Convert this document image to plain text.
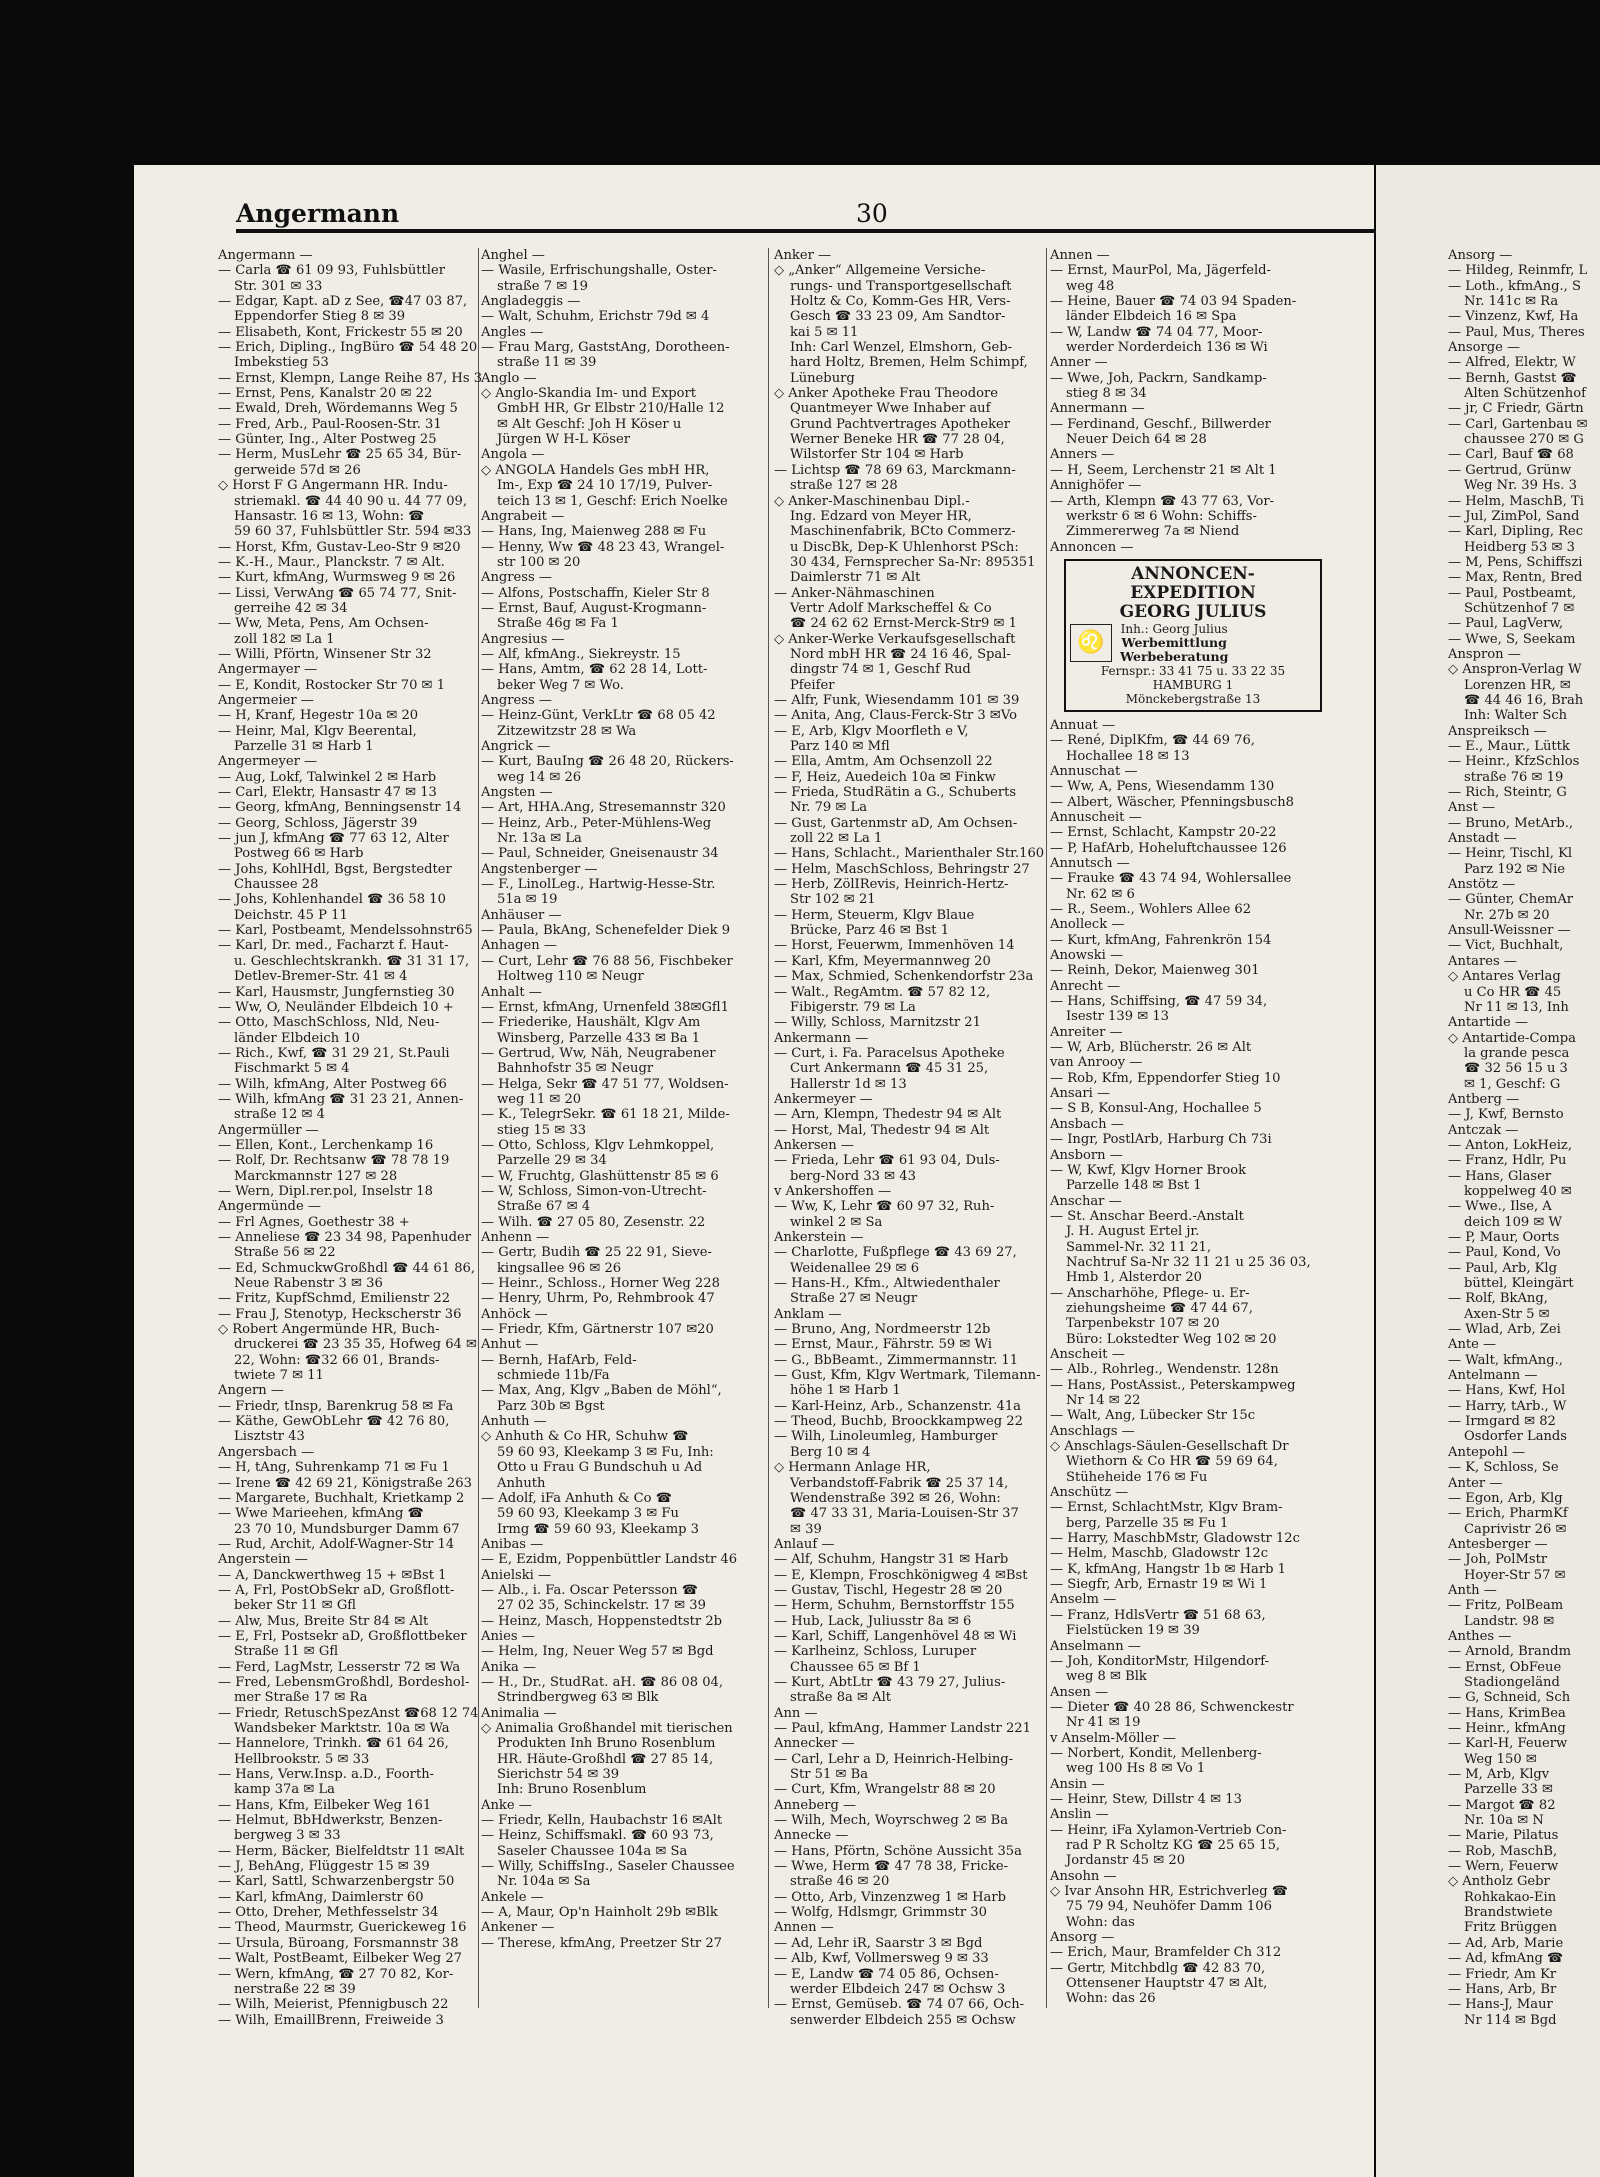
Angermann	30
Angermann —
— Carla ☎ 61 09 93, Fuhlsbüttler
Str. 301 ✉ 33
— Edgar, Kapt. aD z See, ☎47 03 87,
Eppendorfer Stieg 8 ✉ 39
— Elisabeth, Kont, Frickestr 55 ✉ 20
— Erich, Dipling., IngBüro ☎ 54 48 20
Imbekstieg 53
— Ernst, Klempn, Lange Reihe 87, Hs 3
— Ernst, Pens, Kanalstr 20 ✉ 22
— Ewald, Dreh, Wördemanns Weg 5
— Fred, Arb., Paul-Roosen-Str. 31
— Günter, Ing., Alter Postweg 25
— Herm, MusLehr ☎ 25 65 34, Bür-
gerweide 57d ✉ 26
◇ Horst F G Angermann HR. Indu-
striemakl. ☎ 44 40 90 u. 44 77 09,
Hansastr. 16 ✉ 13, Wohn: ☎
59 60 37, Fuhlsbüttler Str. 594 ✉33
— Horst, Kfm, Gustav-Leo-Str 9 ✉20
— K.-H., Maur., Planckstr. 7 ✉ Alt.
— Kurt, kfmAng, Wurmsweg 9 ✉ 26
— Lissi, VerwAng ☎ 65 74 77, Snit-
gerreihe 42 ✉ 34
— Ww, Meta, Pens, Am Ochsen-
zoll 182 ✉ La 1
— Willi, Pförtn, Winsener Str 32
Angermayer —
— E, Kondit, Rostocker Str 70 ✉ 1
Angermeier —
— H, Kranf, Hegestr 10a ✉ 20
— Heinr, Mal, Klgv Beerental,
Parzelle 31 ✉ Harb 1
Angermeyer —
— Aug, Lokf, Talwinkel 2 ✉ Harb
— Carl, Elektr, Hansastr 47 ✉ 13
— Georg, kfmAng, Benningsenstr 14
— Georg, Schloss, Jägerstr 39
— jun J, kfmAng ☎ 77 63 12, Alter
Postweg 66 ✉ Harb
— Johs, KohlHdl, Bgst, Bergstedter
Chaussee 28
— Johs, Kohlenhandel ☎ 36 58 10
Deichstr. 45 P 11
— Karl, Postbeamt, Mendelssohnstr65
— Karl, Dr. med., Facharzt f. Haut-
u. Geschlechtskrankh. ☎ 31 31 17,
Detlev-Bremer-Str. 41 ✉ 4
— Karl, Hausmstr, Jungfernstieg 30
— Ww, O, Neuländer Elbdeich 10 +
— Otto, MaschSchloss, Nld, Neu-
länder Elbdeich 10
— Rich., Kwf, ☎ 31 29 21, St.Pauli
Fischmarkt 5 ✉ 4
— Wilh, kfmAng, Alter Postweg 66
— Wilh, kfmAng ☎ 31 23 21, Annen-
straße 12 ✉ 4
Angermüller —
— Ellen, Kont., Lerchenkamp 16
— Rolf, Dr. Rechtsanw ☎ 78 78 19
Marckmannstr 127 ✉ 28
— Wern, Dipl.rer.pol, Inselstr 18
Angermünde —
— Frl Agnes, Goethestr 38 +
— Anneliese ☎ 23 34 98, Papenhuder
Straße 56 ✉ 22
— Ed, SchmuckwGroßhdl ☎ 44 61 86,
Neue Rabenstr 3 ✉ 36
— Fritz, KupfSchmd, Emilienstr 22
— Frau J, Stenotyp, Heckscherstr 36
◇ Robert Angermünde HR, Buch-
druckerei ☎ 23 35 35, Hofweg 64 ✉
22, Wohn: ☎32 66 01, Brands-
twiete 7 ✉ 11
Angern —
— Friedr, tInsp, Barenkrug 58 ✉ Fa
— Käthe, GewObLehr ☎ 42 76 80,
Lisztstr 43
Angersbach —
— H, tAng, Suhrenkamp 71 ✉ Fu 1
— Irene ☎ 42 69 21, Königstraße 263
— Margarete, Buchhalt, Krietkamp 2
— Wwe Marieehen, kfmAng ☎
23 70 10, Mundsburger Damm 67
— Rud, Archit, Adolf-Wagner-Str 14
Angerstein —
— A, Danckwerthweg 15 + ✉Bst 1
— A, Frl, PostObSekr aD, Großflott-
beker Str 11 ✉ Gfl
— Alw, Mus, Breite Str 84 ✉ Alt
— E, Frl, Postsekr aD, Großflottbeker
Straße 11 ✉ Gfl
— Ferd, LagMstr, Lesserstr 72 ✉ Wa
— Fred, LebensmGroßhdl, Bordeshol-
mer Straße 17 ✉ Ra
— Friedr, RetuschSpezAnst ☎68 12 74
Wandsbeker Marktstr. 10a ✉ Wa
— Hannelore, Trinkh. ☎ 61 64 26,
Hellbrookstr. 5 ✉ 33
— Hans, Verw.Insp. a.D., Foorth-
kamp 37a ✉ La
— Hans, Kfm, Eilbeker Weg 161
— Helmut, BbHdwerkstr, Benzen-
bergweg 3 ✉ 33
— Herm, Bäcker, Bielfeldtstr 11 ✉Alt
— J, BehAng, Flüggestr 15 ✉ 39
— Karl, Sattl, Schwarzenbergstr 50
— Karl, kfmAng, Daimlerstr 60
— Otto, Dreher, Methfesselstr 34
— Theod, Maurmstr, Guerickeweg 16
— Ursula, Büroang, Forsmannstr 38
— Walt, PostBeamt, Eilbeker Weg 27
— Wern, kfmAng, ☎ 27 70 82, Kor-
nerstraße 22 ✉ 39
— Wilh, Meierist, Pfennigbusch 22
— Wilh, EmaillBrenn, Freiweide 3
Anghel —
— Wasile, Erfrischungshalle, Oster-
straße 7 ✉ 19
Angladeggis —
— Walt, Schuhm, Erichstr 79d ✉ 4
Angles —
— Frau Marg, GaststAng, Dorotheen-
straße 11 ✉ 39
Anglo —
◇ Anglo-Skandia Im- und Export
GmbH HR, Gr Elbstr 210/Halle 12
✉ Alt Geschf: Joh H Köser u
Jürgen W H-L Köser
Angola —
◇ ANGOLA Handels Ges mbH HR,
Im-, Exp ☎ 24 10 17/19, Pulver-
teich 13 ✉ 1, Geschf: Erich Noelke
Angrabeit —
— Hans, Ing, Maienweg 288 ✉ Fu
— Henny, Ww ☎ 48 23 43, Wrangel-
str 100 ✉ 20
Angress —
— Alfons, Postschaffn, Kieler Str 8
— Ernst, Bauf, August-Krogmann-
Straße 46g ✉ Fa 1
Angresius —
— Alf, kfmAng., Siekreystr. 15
— Hans, Amtm, ☎ 62 28 14, Lott-
beker Weg 7 ✉ Wo.
Angress —
— Heinz-Günt, VerkLtr ☎ 68 05 42
Zitzewitzstr 28 ✉ Wa
Angrick —
— Kurt, BauIng ☎ 26 48 20, Rückers-
weg 14 ✉ 26
Angsten —
— Art, HHA.Ang, Stresemannstr 320
— Heinz, Arb., Peter-Mühlens-Weg
Nr. 13a ✉ La
— Paul, Schneider, Gneisenaustr 34
Angstenberger —
— F., LinolLeg., Hartwig-Hesse-Str.
51a ✉ 19
Anhäuser —
— Paula, BkAng, Schenefelder Diek 9
Anhagen —
— Curt, Lehr ☎ 76 88 56, Fischbeker
Holtweg 110 ✉ Neugr
Anhalt —
— Ernst, kfmAng, Urnenfeld 38✉Gfl1
— Friederike, Haushält, Klgv Am
Winsberg, Parzelle 433 ✉ Ba 1
— Gertrud, Ww, Näh, Neugrabener
Bahnhofstr 35 ✉ Neugr
— Helga, Sekr ☎ 47 51 77, Woldsen-
weg 11 ✉ 20
— K., TelegrSekr. ☎ 61 18 21, Milde-
stieg 15 ✉ 33
— Otto, Schloss, Klgv Lehmkoppel,
Parzelle 29 ✉ 34
— W, Fruchtg, Glashüttenstr 85 ✉ 6
— W, Schloss, Simon-von-Utrecht-
Straße 67 ✉ 4
— Wilh. ☎ 27 05 80, Zesenstr. 22
Anhenn —
— Gertr, Budih ☎ 25 22 91, Sieve-
kingsallee 96 ✉ 26
— Heinr., Schloss., Horner Weg 228
— Henry, Uhrm, Po, Rehmbrook 47
Anhöck —
— Friedr, Kfm, Gärtnerstr 107 ✉20
Anhut —
— Bernh, HafArb, Feld-
schmiede 11b/Fa
— Max, Ang, Klgv „Baben de Möhl“,
Parz 30b ✉ Bgst
Anhuth —
◇ Anhuth & Co HR, Schuhw ☎
59 60 93, Kleekamp 3 ✉ Fu, Inh:
Otto u Frau G Bundschuh u Ad
Anhuth
— Adolf, iFa Anhuth & Co ☎
59 60 93, Kleekamp 3 ✉ Fu
Irmg ☎ 59 60 93, Kleekamp 3
Anibas —
— E, Ezidm, Poppenbüttler Landstr 46
Anielski —
— Alb., i. Fa. Oscar Petersson ☎
27 02 35, Schinckelstr. 17 ✉ 39
— Heinz, Masch, Hoppenstedtstr 2b
Anies —
— Helm, Ing, Neuer Weg 57 ✉ Bgd
Anika —
— H., Dr., StudRat. aH. ☎ 86 08 04,
Strindbergweg 63 ✉ Blk
Animalia —
◇ Animalia Großhandel mit tierischen
Produkten Inh Bruno Rosenblum
HR. Häute-Großhdl ☎ 27 85 14,
Sierichstr 54 ✉ 39
Inh: Bruno Rosenblum
Anke —
— Friedr, Kelln, Haubachstr 16 ✉Alt
— Heinz, Schiffsmakl. ☎ 60 93 73,
Saseler Chaussee 104a ✉ Sa
— Willy, SchiffsIng., Saseler Chaussee
Nr. 104a ✉ Sa
Ankele —
— A, Maur, Op'n Hainholt 29b ✉Blk
Ankener —
— Therese, kfmAng, Preetzer Str 27
Anker —
◇ „Anker“ Allgemeine Versiche-
rungs- und Transportgesellschaft
Holtz & Co, Komm-Ges HR, Vers-
Gesch ☎ 33 23 09, Am Sandtor-
kai 5 ✉ 11
Inh: Carl Wenzel, Elmshorn, Geb-
hard Holtz, Bremen, Helm Schimpf,
Lüneburg
◇ Anker Apotheke Frau Theodore
Quantmeyer Wwe Inhaber auf
Grund Pachtvertrages Apotheker
Werner Beneke HR ☎ 77 28 04,
Wilstorfer Str 104 ✉ Harb
— Lichtsp ☎ 78 69 63, Marckmann-
straße 127 ✉ 28
◇ Anker-Maschinenbau Dipl.-
Ing. Edzard von Meyer HR,
Maschinenfabrik, BCto Commerz-
u DiscBk, Dep-K Uhlenhorst PSch:
30 434, Fernsprecher Sa-Nr: 895351
Daimlerstr 71 ✉ Alt
— Anker-Nähmaschinen
Vertr Adolf Markscheffel & Co
☎ 24 62 62 Ernst-Merck-Str9 ✉ 1
◇ Anker-Werke Verkaufsgesellschaft
Nord mbH HR ☎ 24 16 46, Spal-
dingstr 74 ✉ 1, Geschf Rud
Pfeifer
— Alfr, Funk, Wiesendamm 101 ✉ 39
— Anita, Ang, Claus-Ferck-Str 3 ✉Vo
— E, Arb, Klgv Moorfleth e V,
Parz 140 ✉ Mfl
— Ella, Amtm, Am Ochsenzoll 22
— F, Heiz, Auedeich 10a ✉ Finkw
— Frieda, StudRätin a G., Schuberts
Nr. 79 ✉ La
— Gust, Gartenmstr aD, Am Ochsen-
zoll 22 ✉ La 1
— Hans, Schlacht., Marienthaler Str.160
— Helm, MaschSchloss, Behringstr 27
— Herb, ZölIRevis, Heinrich-Hertz-
Str 102 ✉ 21
— Herm, Steuerm, Klgv Blaue
Brücke, Parz 46 ✉ Bst 1
— Horst, Feuerwm, Immenhöven 14
— Karl, Kfm, Meyermannweg 20
— Max, Schmied, Schenkendorfstr 23a
— Walt., RegAmtm. ☎ 57 82 12,
Fibigerstr. 79 ✉ La
— Willy, Schloss, Marnitzstr 21
Ankermann —
— Curt, i. Fa. Paracelsus Apotheke
Curt Ankermann ☎ 45 31 25,
Hallerstr 1d ✉ 13
Ankermeyer —
— Arn, Klempn, Thedestr 94 ✉ Alt
— Horst, Mal, Thedestr 94 ✉ Alt
Ankersen —
— Frieda, Lehr ☎ 61 93 04, Duls-
berg-Nord 33 ✉ 43
v Ankershoffen —
— Ww, K, Lehr ☎ 60 97 32, Ruh-
winkel 2 ✉ Sa
Ankerstein —
— Charlotte, Fußpflege ☎ 43 69 27,
Weidenallee 29 ✉ 6
— Hans-H., Kfm., Altwiedenthaler
Straße 27 ✉ Neugr
Anklam —
— Bruno, Ang, Nordmeerstr 12b
— Ernst, Maur., Fährstr. 59 ✉ Wi
— G., BbBeamt., Zimmermannstr. 11
— Gust, Kfm, Klgv Wertmark, Tilemann-
höhe 1 ✉ Harb 1
— Karl-Heinz, Arb., Schanzenstr. 41a
— Theod, Buchb, Broockkampweg 22
— Wilh, Linoleumleg, Hamburger
Berg 10 ✉ 4
◇ Hermann Anlage HR,
Verbandstoff-Fabrik ☎ 25 37 14,
Wendenstraße 392 ✉ 26, Wohn:
☎ 47 33 31, Maria-Louisen-Str 37
✉ 39
Anlauf —
— Alf, Schuhm, Hangstr 31 ✉ Harb
— E, Klempn, Froschkönigweg 4 ✉Bst
— Gustav, Tischl, Hegestr 28 ✉ 20
— Herm, Schuhm, Bernstorffstr 155
— Hub, Lack, Juliusstr 8a ✉ 6
— Karl, Schiff, Langenhövel 48 ✉ Wi
— Karlheinz, Schloss, Luruper
Chaussee 65 ✉ Bf 1
— Kurt, AbtLtr ☎ 43 79 27, Julius-
straße 8a ✉ Alt
Ann —
— Paul, kfmAng, Hammer Landstr 221
Annecker —
— Carl, Lehr a D, Heinrich-Helbing-
Str 51 ✉ Ba
— Curt, Kfm, Wrangelstr 88 ✉ 20
Anneberg —
— Wilh, Mech, Woyrschweg 2 ✉ Ba
Annecke —
— Hans, Pförtn, Schöne Aussicht 35a
— Wwe, Herm ☎ 47 78 38, Fricke-
straße 46 ✉ 20
— Otto, Arb, Vinzenzweg 1 ✉ Harb
— Wolfg, Hdlsmgr, Grimmstr 30
Annen —
— Ad, Lehr iR, Saarstr 3 ✉ Bgd
— Alb, Kwf, Vollmersweg 9 ✉ 33
— E, Landw ☎ 74 05 86, Ochsen-
werder Elbdeich 247 ✉ Ochsw 3
— Ernst, Gemüseb. ☎ 74 07 66, Och-
senwerder Elbdeich 255 ✉ Ochsw
Annen —
— Ernst, MaurPol, Ma, Jägerfeld-
weg 48
— Heine, Bauer ☎ 74 03 94 Spaden-
länder Elbdeich 16 ✉ Spa
— W, Landw ☎ 74 04 77, Moor-
werder Norderdeich 136 ✉ Wi
Anner —
— Wwe, Joh, Packrn, Sandkamp-
stieg 8 ✉ 34
Annermann —
— Ferdinand, Geschf., Billwerder
Neuer Deich 64 ✉ 28
Anners —
— H, Seem, Lerchenstr 21 ✉ Alt 1
Annighöfer —
— Arth, Klempn ☎ 43 77 63, Vor-
werkstr 6 ✉ 6 Wohn: Schiffs-
Zimmererweg 7a ✉ Niend
Annoncen —
ANNONCEN-EXPEDITION
GEORG JULIUS
♌
Inh.: Georg Julius
Werbemittlung
Werbeberatung
Fernspr.: 33 41 75 u. 33 22 35
HAMBURG 1
Mönckebergstraße 13
Annuat —
— René, DiplKfm, ☎ 44 69 76,
Hochallee 18 ✉ 13
Annuschat —
— Ww, A, Pens, Wiesendamm 130
— Albert, Wäscher, Pfenningsbusch8
Annuscheit —
— Ernst, Schlacht, Kampstr 20-22
— P, HafArb, Hoheluftchaussee 126
Annutsch —
— Frauke ☎ 43 74 94, Wohlersallee
Nr. 62 ✉ 6
— R., Seem., Wohlers Allee 62
Anolleck —
— Kurt, kfmAng, Fahrenkrön 154
Anowski —
— Reinh, Dekor, Maienweg 301
Anrecht —
— Hans, Schiffsing, ☎ 47 59 34,
Isestr 139 ✉ 13
Anreiter —
— W, Arb, Blücherstr. 26 ✉ Alt
van Anrooy —
— Rob, Kfm, Eppendorfer Stieg 10
Ansari —
— S B, Konsul-Ang, Hochallee 5
Ansbach —
— Ingr, PostlArb, Harburg Ch 73i
Ansborn —
— W, Kwf, Klgv Horner Brook
Parzelle 148 ✉ Bst 1
Anschar —
— St. Anschar Beerd.-Anstalt
J. H. August Ertel jr.
Sammel-Nr. 32 11 21,
Nachtruf Sa-Nr 32 11 21 u 25 36 03,
Hmb 1, Alsterdor 20
— Anscharhöhe, Pflege- u. Er-
ziehungsheime ☎ 47 44 67,
Tarpenbekstr 107 ✉ 20
Büro: Lokstedter Weg 102 ✉ 20
Anscheit —
— Alb., Rohrleg., Wendenstr. 128n
— Hans, PostAssist., Peterskampweg
Nr 14 ✉ 22
— Walt, Ang, Lübecker Str 15c
Anschlags —
◇ Anschlags-Säulen-Gesellschaft Dr
Wiethorn & Co HR ☎ 59 69 64,
Stüheheide 176 ✉ Fu
Anschütz —
— Ernst, SchlachtMstr, Klgv Bram-
berg, Parzelle 35 ✉ Fu 1
— Harry, MaschbMstr, Gladowstr 12c
— Helm, Maschb, Gladowstr 12c
— K, kfmAng, Hangstr 1b ✉ Harb 1
— Siegfr, Arb, Ernastr 19 ✉ Wi 1
Anselm —
— Franz, HdlsVertr ☎ 51 68 63,
Fielstücken 19 ✉ 39
Anselmann —
— Joh, KonditorMstr, Hilgendorf-
weg 8 ✉ Blk
Ansen —
— Dieter ☎ 40 28 86, Schwenckestr
Nr 41 ✉ 19
v Anselm-Möller —
— Norbert, Kondit, Mellenberg-
weg 100 Hs 8 ✉ Vo 1
Ansin —
— Heinr, Stew, Dillstr 4 ✉ 13
Anslin —
— Heinr, iFa Xylamon-Vertrieb Con-
rad P R Scholtz KG ☎ 25 65 15,
Jordanstr 45 ✉ 20
Ansohn —
◇ Ivar Ansohn HR, Estrichverleg ☎
75 79 94, Neuhöfer Damm 106
Wohn: das
Ansorg —
— Erich, Maur, Bramfelder Ch 312
— Gertr, Mitchbdlg ☎ 42 83 70,
Ottensener Hauptstr 47 ✉ Alt,
Wohn: das 26
Ansorg —
— Hildeg, Reinmfr, L
— Loth., kfmAng., S
Nr. 141c ✉ Ra
— Vinzenz, Kwf, Ha
— Paul, Mus, Theres
Ansorge —
— Alfred, Elektr, W
— Bernh, Gastst ☎
Alten Schützenhof
— jr, C Friedr, Gärtn
— Carl, Gartenbau ✉
chaussee 270 ✉ G
— Carl, Bauf ☎ 68
— Gertrud, Grünw
Weg Nr. 39 Hs. 3
— Helm, MaschB, Ti
— Jul, ZimPol, Sand
— Karl, Dipling, Rec
Heidberg 53 ✉ 3
— M, Pens, Schiffszi
— Max, Rentn, Bred
— Paul, Postbeamt,
Schützenhof 7 ✉
— Paul, LagVerw,
— Wwe, S, Seekam
Anspron —
◇ Anspron-Verlag W
Lorenzen HR, ✉
☎ 44 46 16, Brah
Inh: Walter Sch
Anspreiksch —
— E., Maur., Lüttk
— Heinr., KfzSchlos
straße 76 ✉ 19
— Rich, Steintr, G
Anst —
— Bruno, MetArb.,
Anstadt —
— Heinr, Tischl, Kl
Parz 192 ✉ Nie
Anstötz —
— Günter, ChemAr
Nr. 27b ✉ 20
Ansull-Weissner —
— Vict, Buchhalt,
Antares —
◇ Antares Verlag
u Co HR ☎ 45
Nr 11 ✉ 13, Inh
Antartide —
◇ Antartide-Compa
la grande pesca
☎ 32 56 15 u 3
✉ 1, Geschf: G
Antberg —
— J, Kwf, Bernsto
Antczak —
— Anton, LokHeiz,
— Franz, Hdlr, Pu
— Hans, Glaser
koppelweg 40 ✉
— Wwe., Ilse, A
deich 109 ✉ W
— P, Maur, Oorts
— Paul, Kond, Vo
— Paul, Arb, Klg
büttel, Kleingärt
— Rolf, BkAng,
Axen-Str 5 ✉
— Wlad, Arb, Zei
Ante —
— Walt, kfmAng.,
Antelmann —
— Hans, Kwf, Hol
— Harry, tArb., W
— Irmgard ✉ 82
Osdorfer Lands
Antepohl —
— K, Schloss, Se
Anter —
— Egon, Arb, Klg
— Erich, PharmKf
Caprivistr 26 ✉
Antesberger —
— Joh, PolMstr
Hoyer-Str 57 ✉
Anth —
— Fritz, PolBeam
Landstr. 98 ✉
Anthes —
— Arnold, Brandm
— Ernst, ObFeue
Stadiongeländ
— G, Schneid, Sch
— Hans, KrimBea
— Heinr., kfmAng
— Karl-H, Feuerw
Weg 150 ✉
— M, Arb, Klgv
Parzelle 33 ✉
— Margot ☎ 82
Nr. 10a ✉ N
— Marie, Pilatus
— Rob, MaschB,
— Wern, Feuerw
◇ Antholz Gebr
Rohkakao-Ein
Brandstwiete
Fritz Brüggen
— Ad, Arb, Marie
— Ad, kfmAng ☎
— Friedr, Am Kr
— Hans, Arb, Br
— Hans-J, Maur
Nr 114 ✉ Bgd
